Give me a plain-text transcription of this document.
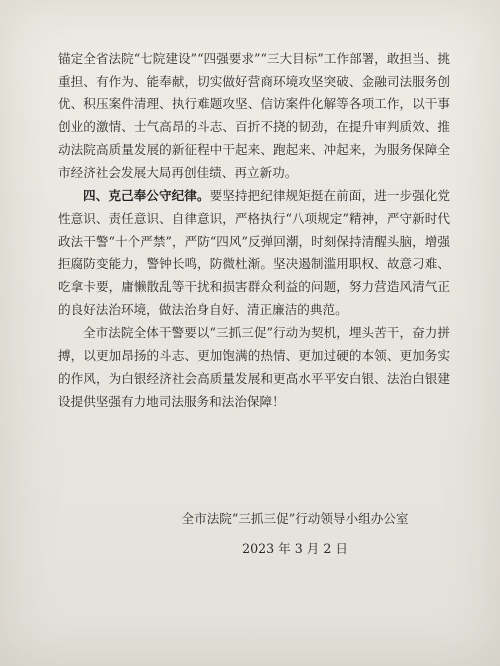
锚定全省法院“七院建设”“四强要求”“三大目标”工作部署，敢担当、挑重担、有作为、能奉献，切实做好营商环境攻坚突破、金融司法服务创优、积压案件清理、执行难题攻坚、信访案件化解等各项工作，以干事创业的激情、士气高昂的斗志、百折不挠的韧劲，在提升审判质效、推动法院高质量发展的新征程中干起来、跑起来、冲起来，为服务保障全市经济社会发展大局再创佳绩、再立新功。

四、克己奉公守纪律。要坚持把纪律规矩挺在前面，进一步强化党性意识、责任意识、自律意识，严格执行“八项规定”精神，严守新时代政法干警“十个严禁”，严防“四风”反弹回潮，时刻保持清醒头脑，增强拒腐防变能力，警钟长鸣，防微杜渐。坚决遏制滥用职权、故意刁难、吃拿卡要，庸懒散乱等干扰和损害群众利益的问题，努力营造风清气正的良好法治环境，做法治身自好、清正廉洁的典范。

全市法院全体干警要以“三抓三促”行动为契机，埋头苦干，奋力拼搏，以更加昂扬的斗志、更加饱满的热情、更加过硬的本领、更加务实的作风，为白银经济社会高质量发展和更高水平平安白银、法治白银建设提供坚强有力地司法服务和法治保障！

全市法院“三抓三促”行动领导小组办公室
2023 年 3 月 2 日
